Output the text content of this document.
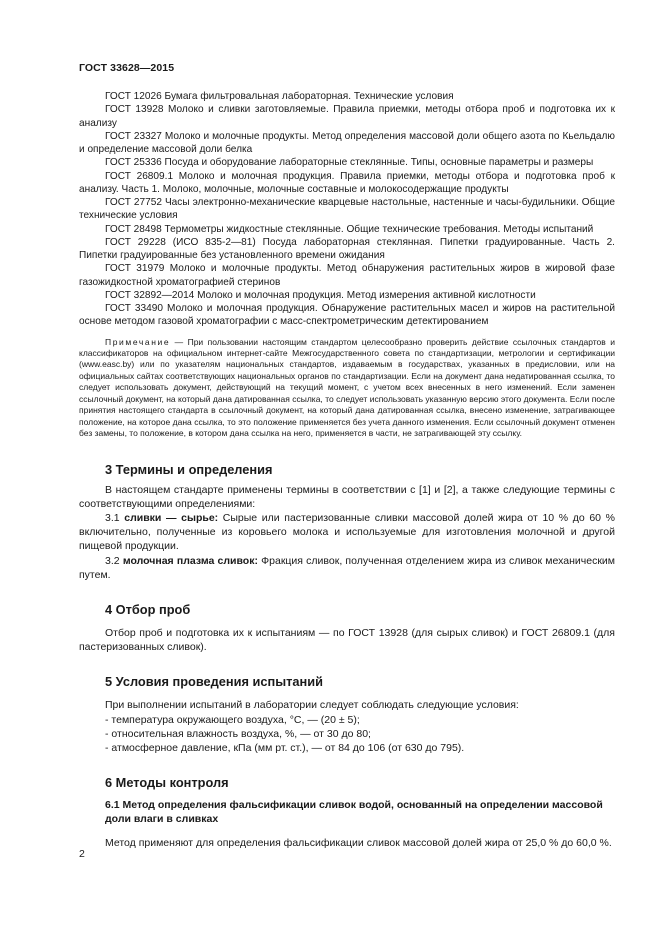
ГОСТ 33628—2015

ГОСТ 12026 Бумага фильтровальная лабораторная. Технические условия

ГОСТ 13928 Молоко и сливки заготовляемые. Правила приемки, методы отбора проб и подготовка их к анализу

ГОСТ 23327 Молоко и молочные продукты. Метод определения массовой доли общего азота по Кьельдалю и определение массовой доли белка

ГОСТ 25336 Посуда и оборудование лабораторные стеклянные. Типы, основные параметры и размеры

ГОСТ 26809.1 Молоко и молочная продукция. Правила приемки, методы отбора и подготовка проб к анализу. Часть 1. Молоко, молочные, молочные составные и молокосодержащие продукты

ГОСТ 27752 Часы электронно-механические кварцевые настольные, настенные и часы-будильники. Общие технические условия

ГОСТ 28498 Термометры жидкостные стеклянные. Общие технические требования. Методы испытаний

ГОСТ 29228 (ИСО 835-2—81) Посуда лабораторная стеклянная. Пипетки градуированные. Часть 2. Пипетки градуированные без установленного времени ожидания

ГОСТ 31979 Молоко и молочные продукты. Метод обнаружения растительных жиров в жировой фазе газожидкостной хроматографией стеринов

ГОСТ 32892—2014 Молоко и молочная продукция. Метод измерения активной кислотности

ГОСТ 33490 Молоко и молочная продукция. Обнаружение растительных масел и жиров на растительной основе методом газовой хроматографии с масс-спектрометрическим детектированием

Примечание — При пользовании настоящим стандартом целесообразно проверить действие ссылочных стандартов и классификаторов на официальном интернет-сайте Межгосударственного совета по стандартизации, метрологии и сертификации (www.easc.by) или по указателям национальных стандартов, издаваемым в государствах, указанных в предисловии, или на официальных сайтах соответствующих национальных органов по стандартизации. Если на документ дана недатированная ссылка, то следует использовать документ, действующий на текущий момент, с учетом всех внесенных в него изменений. Если заменен ссылочный документ, на который дана датированная ссылка, то следует использовать указанную версию этого документа. Если после принятия настоящего стандарта в ссылочный документ, на который дана датированная ссылка, внесено изменение, затрагивающее положение, на которое дана ссылка, то это положение применяется без учета данного изменения. Если ссылочный документ отменен без замены, то положение, в котором дана ссылка на него, применяется в части, не затрагивающей эту ссылку.
3 Термины и определения

В настоящем стандарте применены термины в соответствии с [1] и [2], а также следующие термины с соответствующими определениями:

3.1 сливки — сырье: Сырые или пастеризованные сливки массовой долей жира от 10 % до 60 % включительно, полученные из коровьего молока и используемые для изготовления молочной и другой пищевой продукции.

3.2 молочная плазма сливок: Фракция сливок, полученная отделением жира из сливок механическим путем.

4 Отбор проб

Отбор проб и подготовка их к испытаниям — по ГОСТ 13928 (для сырых сливок) и ГОСТ 26809.1 (для пастеризованных сливок).

5 Условия проведения испытаний

При выполнении испытаний в лаборатории следует соблюдать следующие условия:

- температура окружающего воздуха, °С, — (20 ± 5);
- относительная влажность воздуха, %, — от 30 до 80;
- атмосферное давление, кПа (мм рт. ст.), — от 84 до 106 (от 630 до 795).
6 Методы контроля
6.1 Метод определения фальсификации сливок водой, основанный на определении массовой доли влаги в сливках

Метод применяют для определения фальсификации сливок массовой долей жира от 25,0 % до 60,0 %.

2
